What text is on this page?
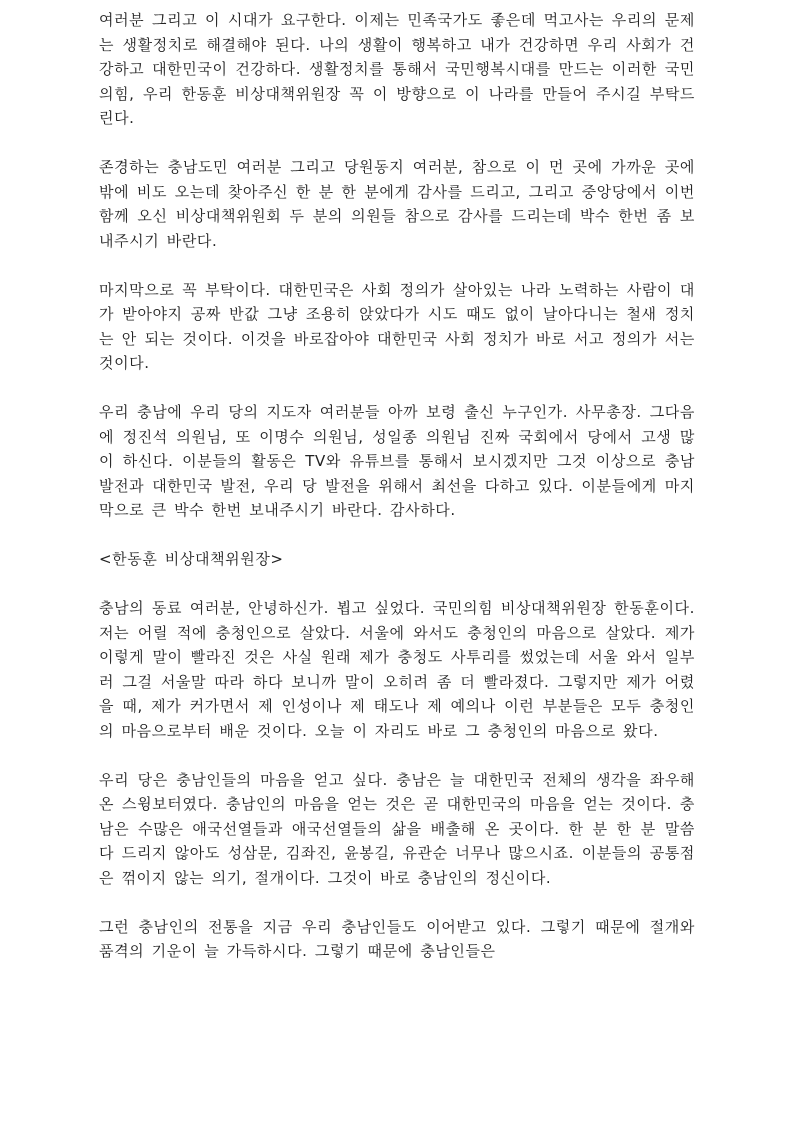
여러분 그리고 이 시대가 요구한다. 이제는 민족국가도 좋은데 먹고사는 우리의 문제는 생활정치로 해결해야 된다. 나의 생활이 행복하고 내가 건강하면 우리 사회가 건강하고 대한민국이 건강하다. 생활정치를 통해서 국민행복시대를 만드는 이러한 국민의힘, 우리 한동훈 비상대책위원장 꼭 이 방향으로 이 나라를 만들어 주시길 부탁드린다.

존경하는 충남도민 여러분 그리고 당원동지 여러분, 참으로 이 먼 곳에 가까운 곳에 밖에 비도 오는데 찾아주신 한 분 한 분에게 감사를 드리고, 그리고 중앙당에서 이번 함께 오신 비상대책위원회 두 분의 의원들 참으로 감사를 드리는데 박수 한번 좀 보내주시기 바란다.

마지막으로 꼭 부탁이다. 대한민국은 사회 정의가 살아있는 나라 노력하는 사람이 대가 받아야지 공짜 반값 그냥 조용히 앉았다가 시도 때도 없이 날아다니는 철새 정치는 안 되는 것이다. 이것을 바로잡아야 대한민국 사회 정치가 바로 서고 정의가 서는 것이다.

우리 충남에 우리 당의 지도자 여러분들 아까 보령 출신 누구인가. 사무총장. 그다음에 정진석 의원님, 또 이명수 의원님, 성일종 의원님 진짜 국회에서 당에서 고생 많이 하신다. 이분들의 활동은 TV와 유튜브를 통해서 보시겠지만 그것 이상으로 충남 발전과 대한민국 발전, 우리 당 발전을 위해서 최선을 다하고 있다. 이분들에게 마지막으로 큰 박수 한번 보내주시기 바란다. 감사하다.

<한동훈 비상대책위원장>

충남의 동료 여러분, 안녕하신가. 뵙고 싶었다. 국민의힘 비상대책위원장 한동훈이다. 저는 어릴 적에 충청인으로 살았다. 서울에 와서도 충청인의 마음으로 살았다. 제가 이렇게 말이 빨라진 것은 사실 원래 제가 충청도 사투리를 썼었는데 서울 와서 일부러 그걸 서울말 따라 하다 보니까 말이 오히려 좀 더 빨라졌다. 그렇지만 제가 어렸을 때, 제가 커가면서 제 인성이나 제 태도나 제 예의나 이런 부분들은 모두 충청인의 마음으로부터 배운 것이다. 오늘 이 자리도 바로 그 충청인의 마음으로 왔다.

우리 당은 충남인들의 마음을 얻고 싶다. 충남은 늘 대한민국 전체의 생각을 좌우해 온 스윙보터였다. 충남인의 마음을 얻는 것은 곧 대한민국의 마음을 얻는 것이다. 충남은 수많은 애국선열들과 애국선열들의 삶을 배출해 온 곳이다. 한 분 한 분 말씀 다 드리지 않아도 성삼문, 김좌진, 윤봉길, 유관순 너무나 많으시죠. 이분들의 공통점은 꺾이지 않는 의기, 절개이다. 그것이 바로 충남인의 정신이다.

그런 충남인의 전통을 지금 우리 충남인들도 이어받고 있다. 그렇기 때문에 절개와 품격의 기운이 늘 가득하시다. 그렇기 때문에 충남인들은
